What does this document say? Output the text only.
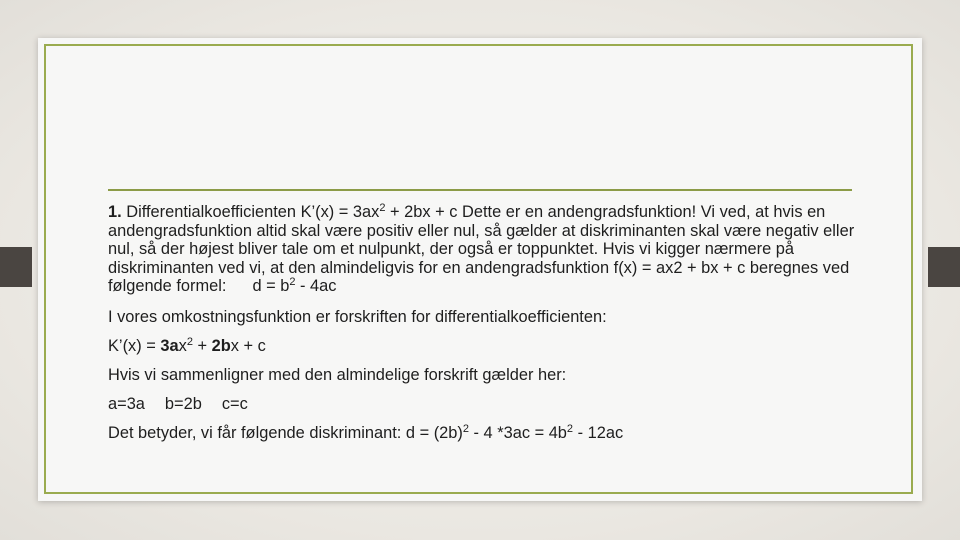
1. Differentialkoefficienten K’(x) = $3ax^2 + 2bx + c$ Dette er en andengradsfunktion! Vi ved, at hvis en andengradsfunktion altid skal være positiv eller nul, så gælder at diskriminanten skal være negativ eller nul, så der højest bliver tale om et nulpunkt, der også er toppunktet. Hvis vi kigger nærmere på diskriminanten ved vi, at den almindeligvis for en andengradsfunktion f(x) = ax2 + bx + c beregnes ved følgende formel: $d = b^2 - 4ac$

I vores omkostningsfunktion er forskriften for differentialkoefficienten:

K’(x) = $3ax^2 + 2bx + c$

Hvis vi sammenligner med den almindelige forskrift gælder her:

a=3a b=2b c=c

Det betyder, vi får følgende diskriminant: $d = (2b)^2 - 4$ $*3ac = 4b^2 - 12ac$
